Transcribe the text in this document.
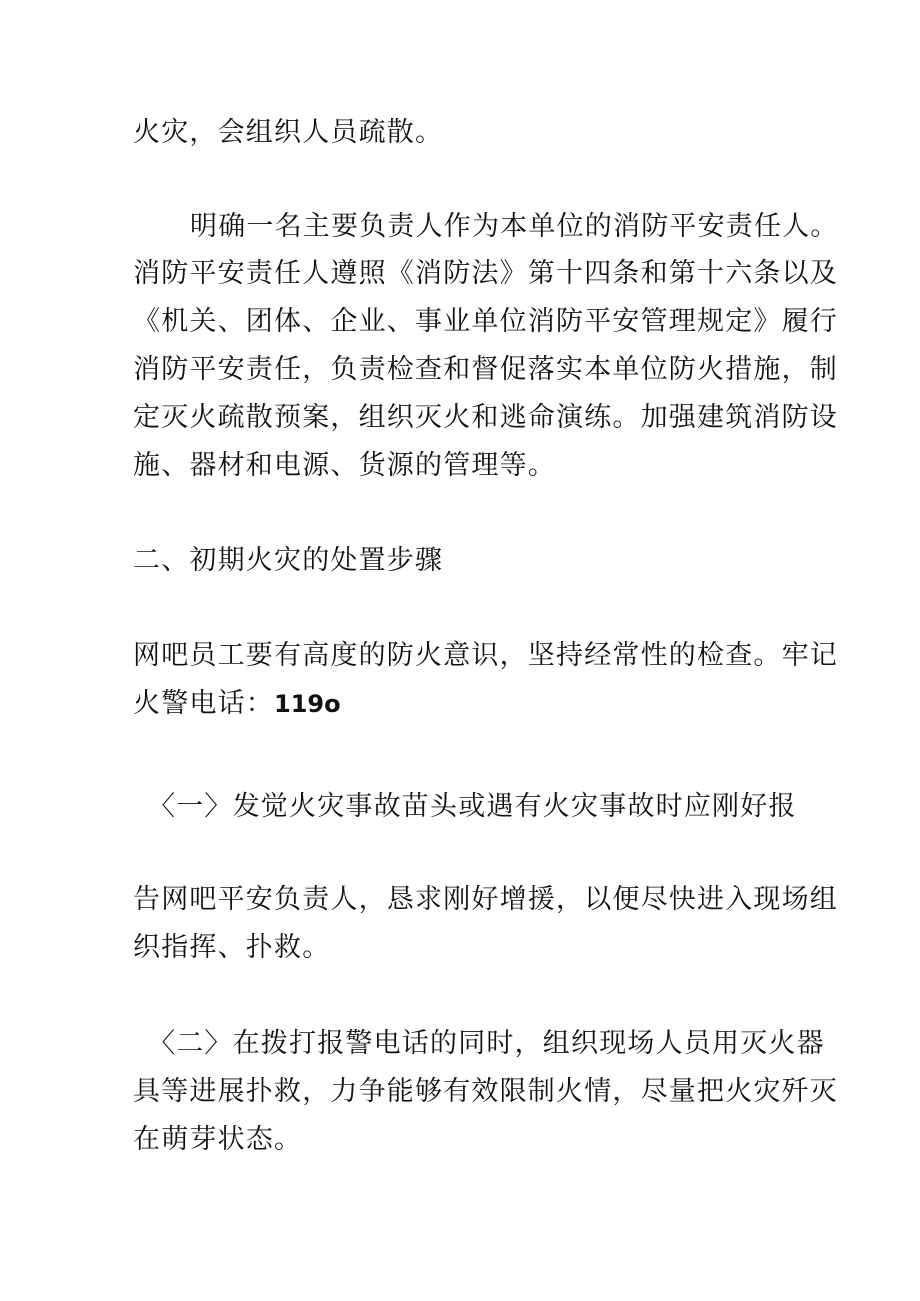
火灾，会组织人员疏散。
明确一名主要负责人作为本单位的消防平安责任人。
消防平安责任人遵照《消防法》第十四条和第十六条以及
《机关、团体、企业、事业单位消防平安管理规定》履行
消防平安责任，负责检查和督促落实本单位防火措施，制
定灭火疏散预案，组织灭火和逃命演练。加强建筑消防设
施、器材和电源、货源的管理等。
二、初期火灾的处置步骤
网吧员工要有高度的防火意识，坚持经常性的检查。牢记
火警电话：119o
〈一〉发觉火灾事故苗头或遇有火灾事故时应刚好报
告网吧平安负责人，恳求刚好增援，以便尽快进入现场组
织指挥、扑救。
〈二〉在拨打报警电话的同时，组织现场人员用灭火器
具等进展扑救，力争能够有效限制火情，尽量把火灾歼灭
在萌芽状态。
